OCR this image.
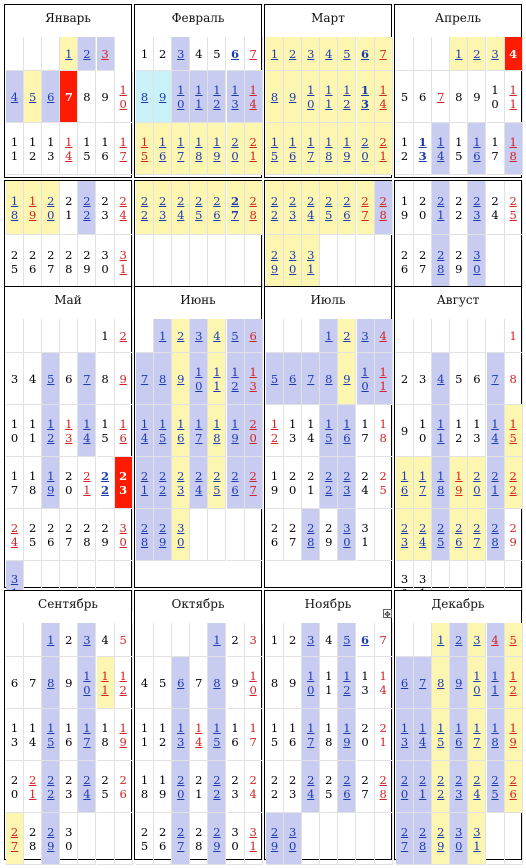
Январь
1 2 3
4 5 6 7 8 9 1
0
1
1
1
2
1
3
1
4
1
5
1
6
1
7
1
8
1
9
2
0
2
1
2
2
2
3
2
4
2
5
2
6
2
7
2
8
2
9
3
0
3
1
Февраль
1 2 3 4 5 6 7
8 9 1
0
1
1
1
2
1
3
1
4
1
5
1
6
1
7
1
8
1
9
2
0
2
1
2
2
2
3
2
4
2
5
2
6
2
7
2
8
Март
1 2 3 4 5 6 7
8 9 1
0
1
1
1
2
1
3
1
4
1
5
1
6
1
7
1
8
1
9
2
0
2
1
2
2
2
3
2
4
2
5
2
6
2
7
2
8
2
9
3
0
3
1
Апрель
1 2 3 4
5 6 7 8 9 1
0
1
1
1
2
1
3
1
4
1
5
1
6
1
7
1
8
1
9
2
0
2
1
2
2
2
3
2
4
2
5
2
6
2
7
2
8
2
9
3
0
Май
1 2
3 4 5 6 7 8 9
1
0
1
1
1
2
1
3
1
4
1
5
1
6
1
7
1
8
1
9
2
0
2
1
2
2
2
3
2
4
2
5
2
6
2
7
2
8
2
9
3
0
3

Июнь
1 2 3 4 5 6
7 8 9 1
0
1
1
1
2
1
3
1
4
1
5
1
6
1
7
1
8
1
9
2
0
2
1
2
2
2
3
2
4
2
5
2
6
2
7
2
8
2
9
3
0
Июль
1 2 3 4
5 6 7 8 9 1
0
1
1
1
2
1
3
1
4
1
5
1
6
1
7
1
8
1
9
2
0
2
1
2
2
2
3
2
4
2
5
2
6
2
7
2
8
2
9
3
0
3
1
Август
1
2 3 4 5 6 7 8
9 1
0
1
1
1
2
1
3
1
4
1
5
1
6
1
7
1
8
1
9
2
0
2
1
2
2
2
3
2
4
2
5
2
6
2
7
2
8
2
9
3 3

Сентябрь
1 2 3 4 5
6 7 8 9 1
0
1
1
1
2
1
3
1
4
1
5
1
6
1
7
1
8
1
9
2
0
2
1
2
2
2
3
2
4
2
5
2
6
2
7
2
8
2
9
3
0
Октябрь
1 2 3
4 5 6 7 8 9 1
0
1
1
1
2
1
3
1
4
1
5
1
6
1
7
1
8
1
9
2
0
2
1
2
2
2
3
2
4
2
5
2
6
2
7
2
8
2
9
3
0
3
1
Ноябрь
1 2 3 4 5 6 7
8 9 1
0
1
1
1
2
1
3
1
4
1
5
1
6
1
7
1
8
1
9
2
0
2
1
2
2
2
3
2
4
2
5
2
6
2
7
2
8
2
9
3
0
Декабрь
1 2 3 4 5
6 7 8 9 1
0
1
1
1
2
1
3
1
4
1
5
1
6
1
7
1
8
1
9
2
0
2
1
2
2
2
3
2
4
2
5
2
6
2
7
2
8
2
9
3
0
3
1
✥
